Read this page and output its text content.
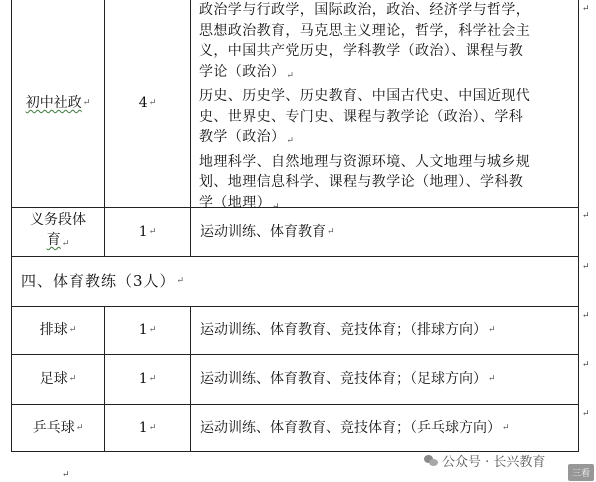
初中社政 ↵	4 ↵
政治学与行政学，国际政治，政治、经济学与哲学，
思想政治教育，马克思主义理论，哲学，科学社会主
义，中国共产党历史，学科教学（政治）、课程与教
学论（政治）↵
历史、历史学、历史教育、中国古代史、中国近现代
史、世界史、专门史、课程与教学论（政治）、学科
教学（政治）↵
地理科学、自然地理与资源环境、人文地理与城乡规
划、地理信息科学、课程与教学论（地理）、学科教
学（地理）↵
义务段体
育↵
1 ↵	运动训练、体育教育 ↵
四、体育教练（3人） ↵
排球 ↵	1 ↵	运动训练、体育教育、竞技体育；（排球方向） ↵
足球 ↵	1 ↵	运动训练、体育教育、竞技体育；（足球方向） ↵
乒乓球 ↵	1 ↵	运动训练、体育教育、竞技体育；（乒乓球方向） ↵
↵
↵
↵
↵
↵
↵
↵
公众号 · 长兴教育
三看
